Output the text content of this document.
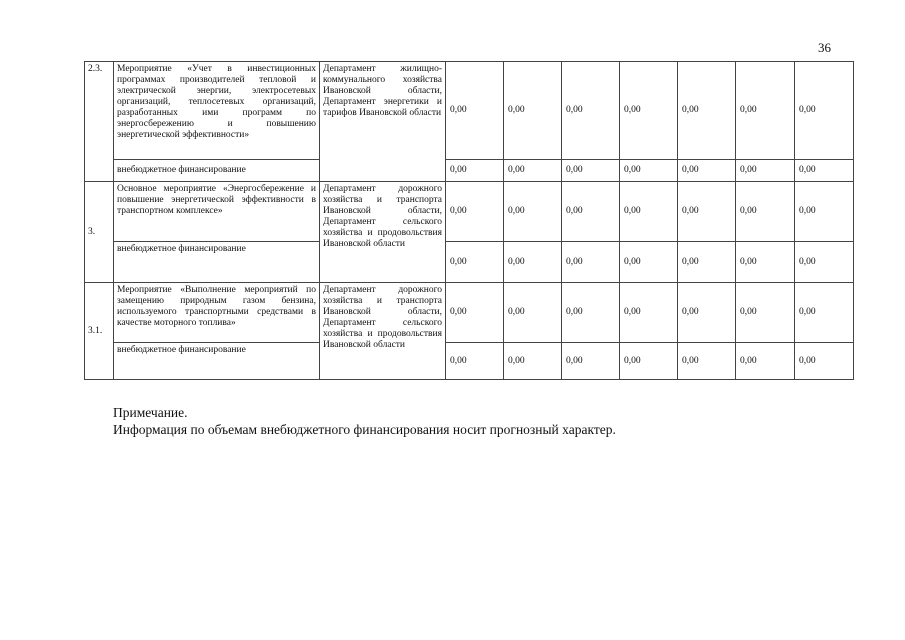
36
2.3.	Мероприятие «Учет в инвестиционных программах производителей тепловой и электрической энергии, электросетевых организаций, теплосетевых организаций, разработанных ими программ по энергосбережению и повышению энергетической эффективности»	Департамент жилищно-коммунального хозяйства Ивановской области, Департамент энергетики и тарифов Ивановской области	0,00	0,00	0,00	0,00	0,00	0,00	0,00
	внебюджетное финансирование		0,00	0,00	0,00	0,00	0,00	0,00	0,00
3.	Основное мероприятие «Энергосбережение и повышение энергетической эффективности в транспортном комплексе»	Департамент дорожного хозяйства и транспорта Ивановской области, Департамент сельского хозяйства и продовольствия Ивановской области	0,00	0,00	0,00	0,00	0,00	0,00	0,00
	внебюджетное финансирование		0,00	0,00	0,00	0,00	0,00	0,00	0,00
3.1.	Мероприятие «Выполнение мероприятий по замещению природным газом бензина, используемого транспортными средствами в качестве моторного топлива»	Департамент дорожного хозяйства и транспорта Ивановской области, Департамент сельского хозяйства и продовольствия Ивановской области	0,00	0,00	0,00	0,00	0,00	0,00	0,00
	внебюджетное финансирование		0,00	0,00	0,00	0,00	0,00	0,00	0,00
Примечание.
Информация по объемам внебюджетного финансирования носит прогнозный характер.
